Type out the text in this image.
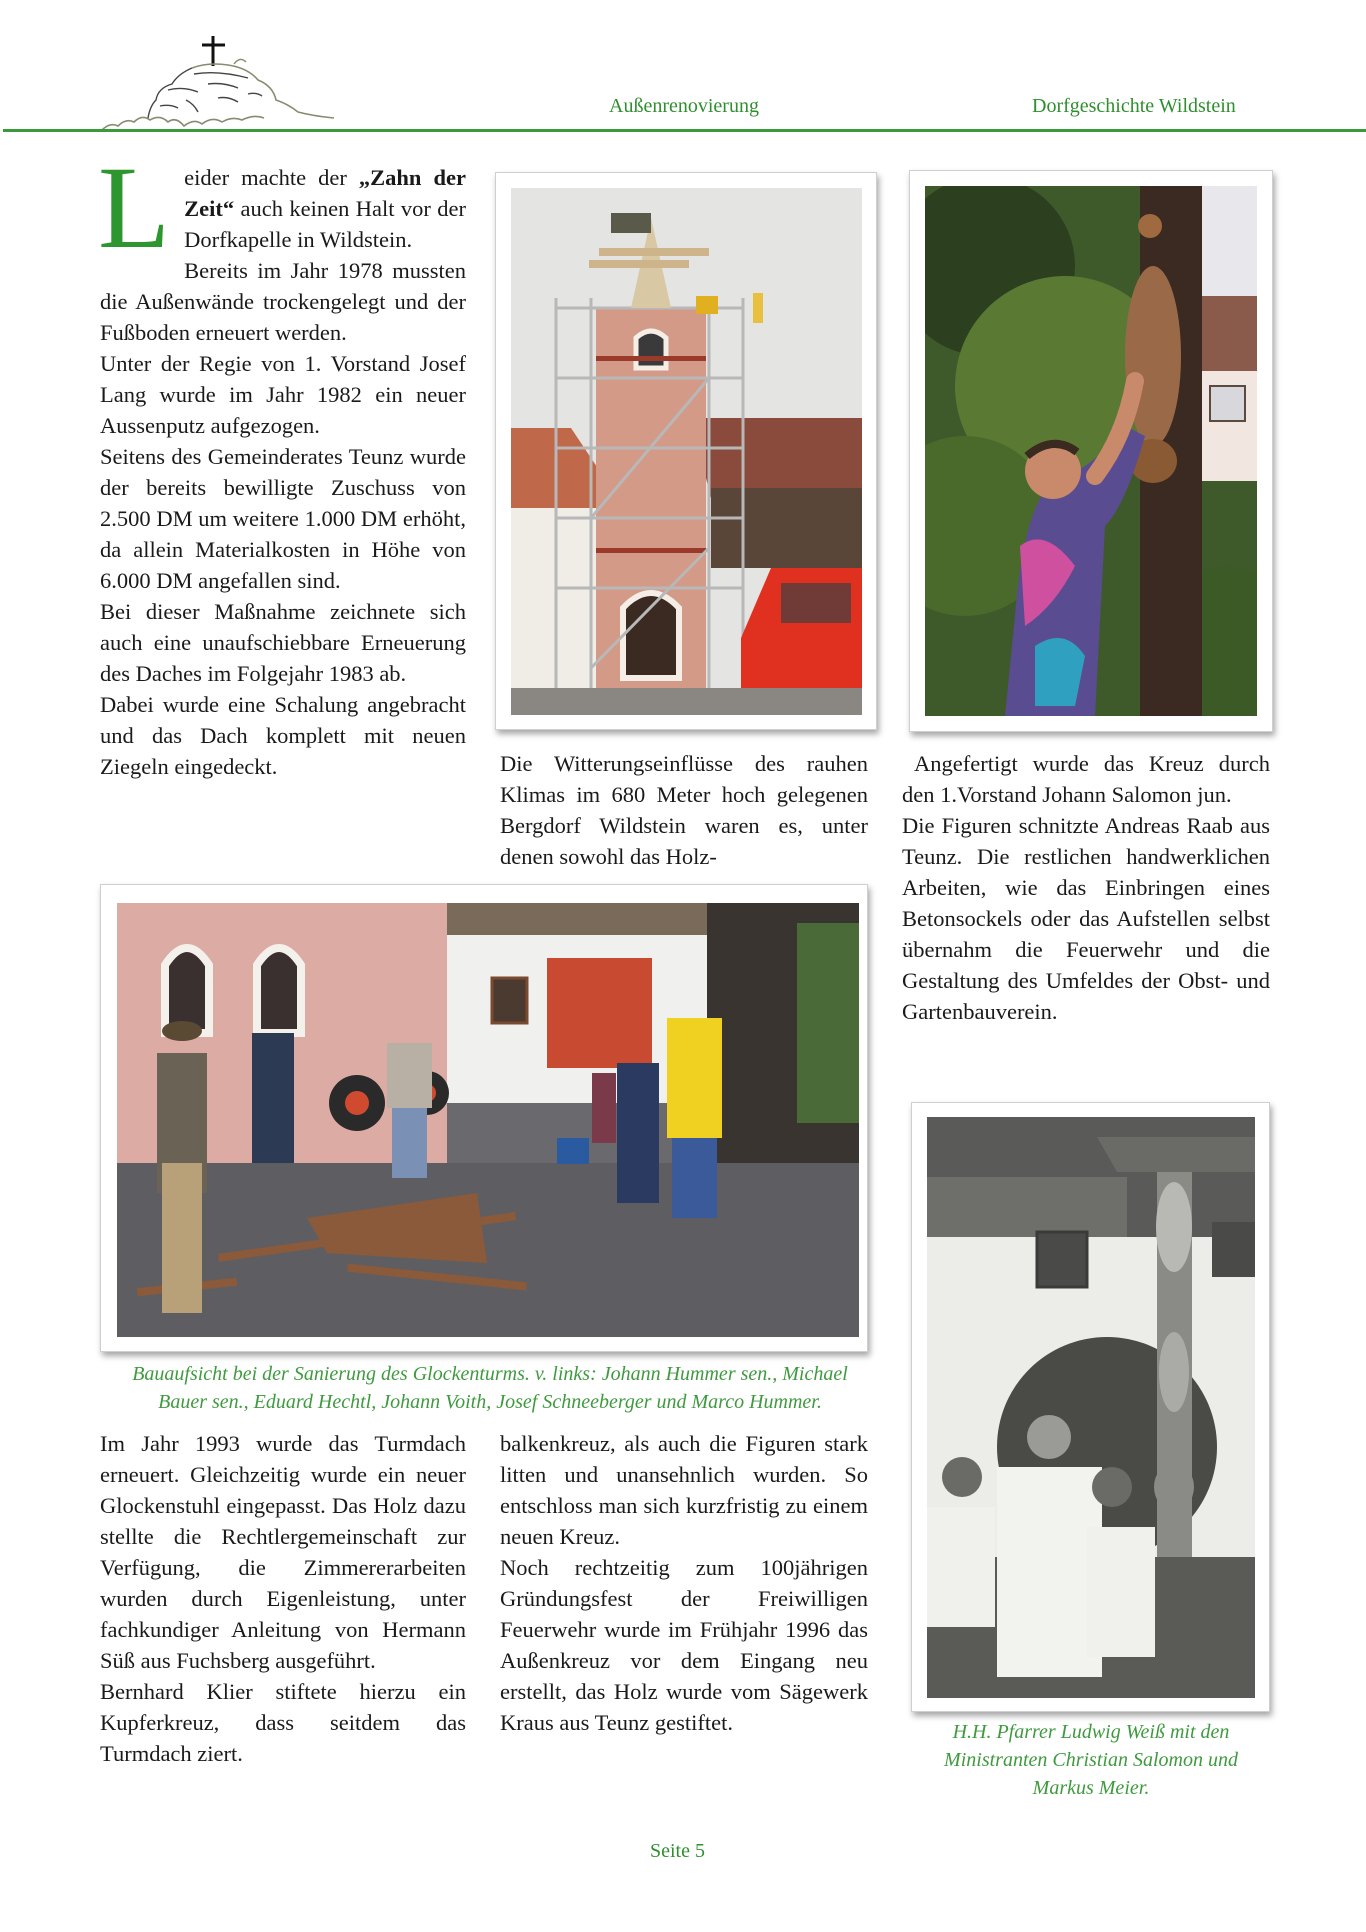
Außenrenovierung	Dorfgeschichte Wildstein

Leider machte der „Zahn der Zeit“ auch keinen Halt vor der Dorfkapelle in Wildstein.

Bereits im Jahr 1978 mussten die Außenwände trockengelegt und der Fußboden erneuert werden.

Unter der Regie von 1. Vorstand Josef Lang wurde im Jahr 1982 ein neuer Aussenputz aufgezogen.

Seitens des Gemeinderates Teunz wurde der bereits bewilligte Zuschuss von 2.500 DM um weitere 1.000 DM erhöht, da allein Materialkosten in Höhe von 6.000 DM angefallen sind.

Bei dieser Maßnahme zeichnete sich auch eine unaufschiebbare Erneuerung des Daches im Folgejahr 1983 ab.

Dabei wurde eine Schalung angebracht und das Dach komplett mit neuen Ziegeln eingedeckt.	Die Witterungseinflüsse des rauhen Klimas im 680 Meter hoch gelegenen Bergdorf Wildstein waren es, unter denen sowohl das Holz-

Angefertigt wurde das Kreuz durch den 1.Vorstand Johann Salomon jun.

Die Figuren schnitzte Andreas Raab aus Teunz. Die restlichen handwerklichen Arbeiten, wie das Einbringen eines Betonsockels oder das Aufstellen selbst übernahm die Feuerwehr und die Gestaltung des Umfeldes der Obst- und Gartenbauverein.

Bauaufsicht bei der Sanierung des Glockenturms. v. links: Johann Hummer sen., Michael Bauer sen., Eduard Hechtl, Johann Voith, Josef Schneeberger und Marco Hummer.

Im Jahr 1993 wurde das Turmdach erneuert. Gleichzeitig wurde ein neuer Glockenstuhl eingepasst. Das Holz dazu stellte die Rechtlergemeinschaft zur Verfügung, die Zimmererarbeiten wurden durch Eigenleistung, unter fachkundiger Anleitung von Hermann Süß aus Fuchsberg ausgeführt.

Bernhard Klier stiftete hierzu ein Kupferkreuz, dass seitdem das Turmdach ziert.

balkenkreuz, als auch die Figuren stark litten und unansehnlich wurden. So entschloss man sich kurzfristig zu einem neuen Kreuz.

Noch rechtzeitig zum 100jährigen Gründungsfest der Freiwilligen Feuerwehr wurde im Frühjahr 1996 das Außenkreuz vor dem Eingang neu erstellt, das Holz wurde vom Sägewerk Kraus aus Teunz gestiftet.	H.H. Pfarrer Ludwig Weiß mit den Ministranten Christian Salomon und Markus Meier.
Seite 5
